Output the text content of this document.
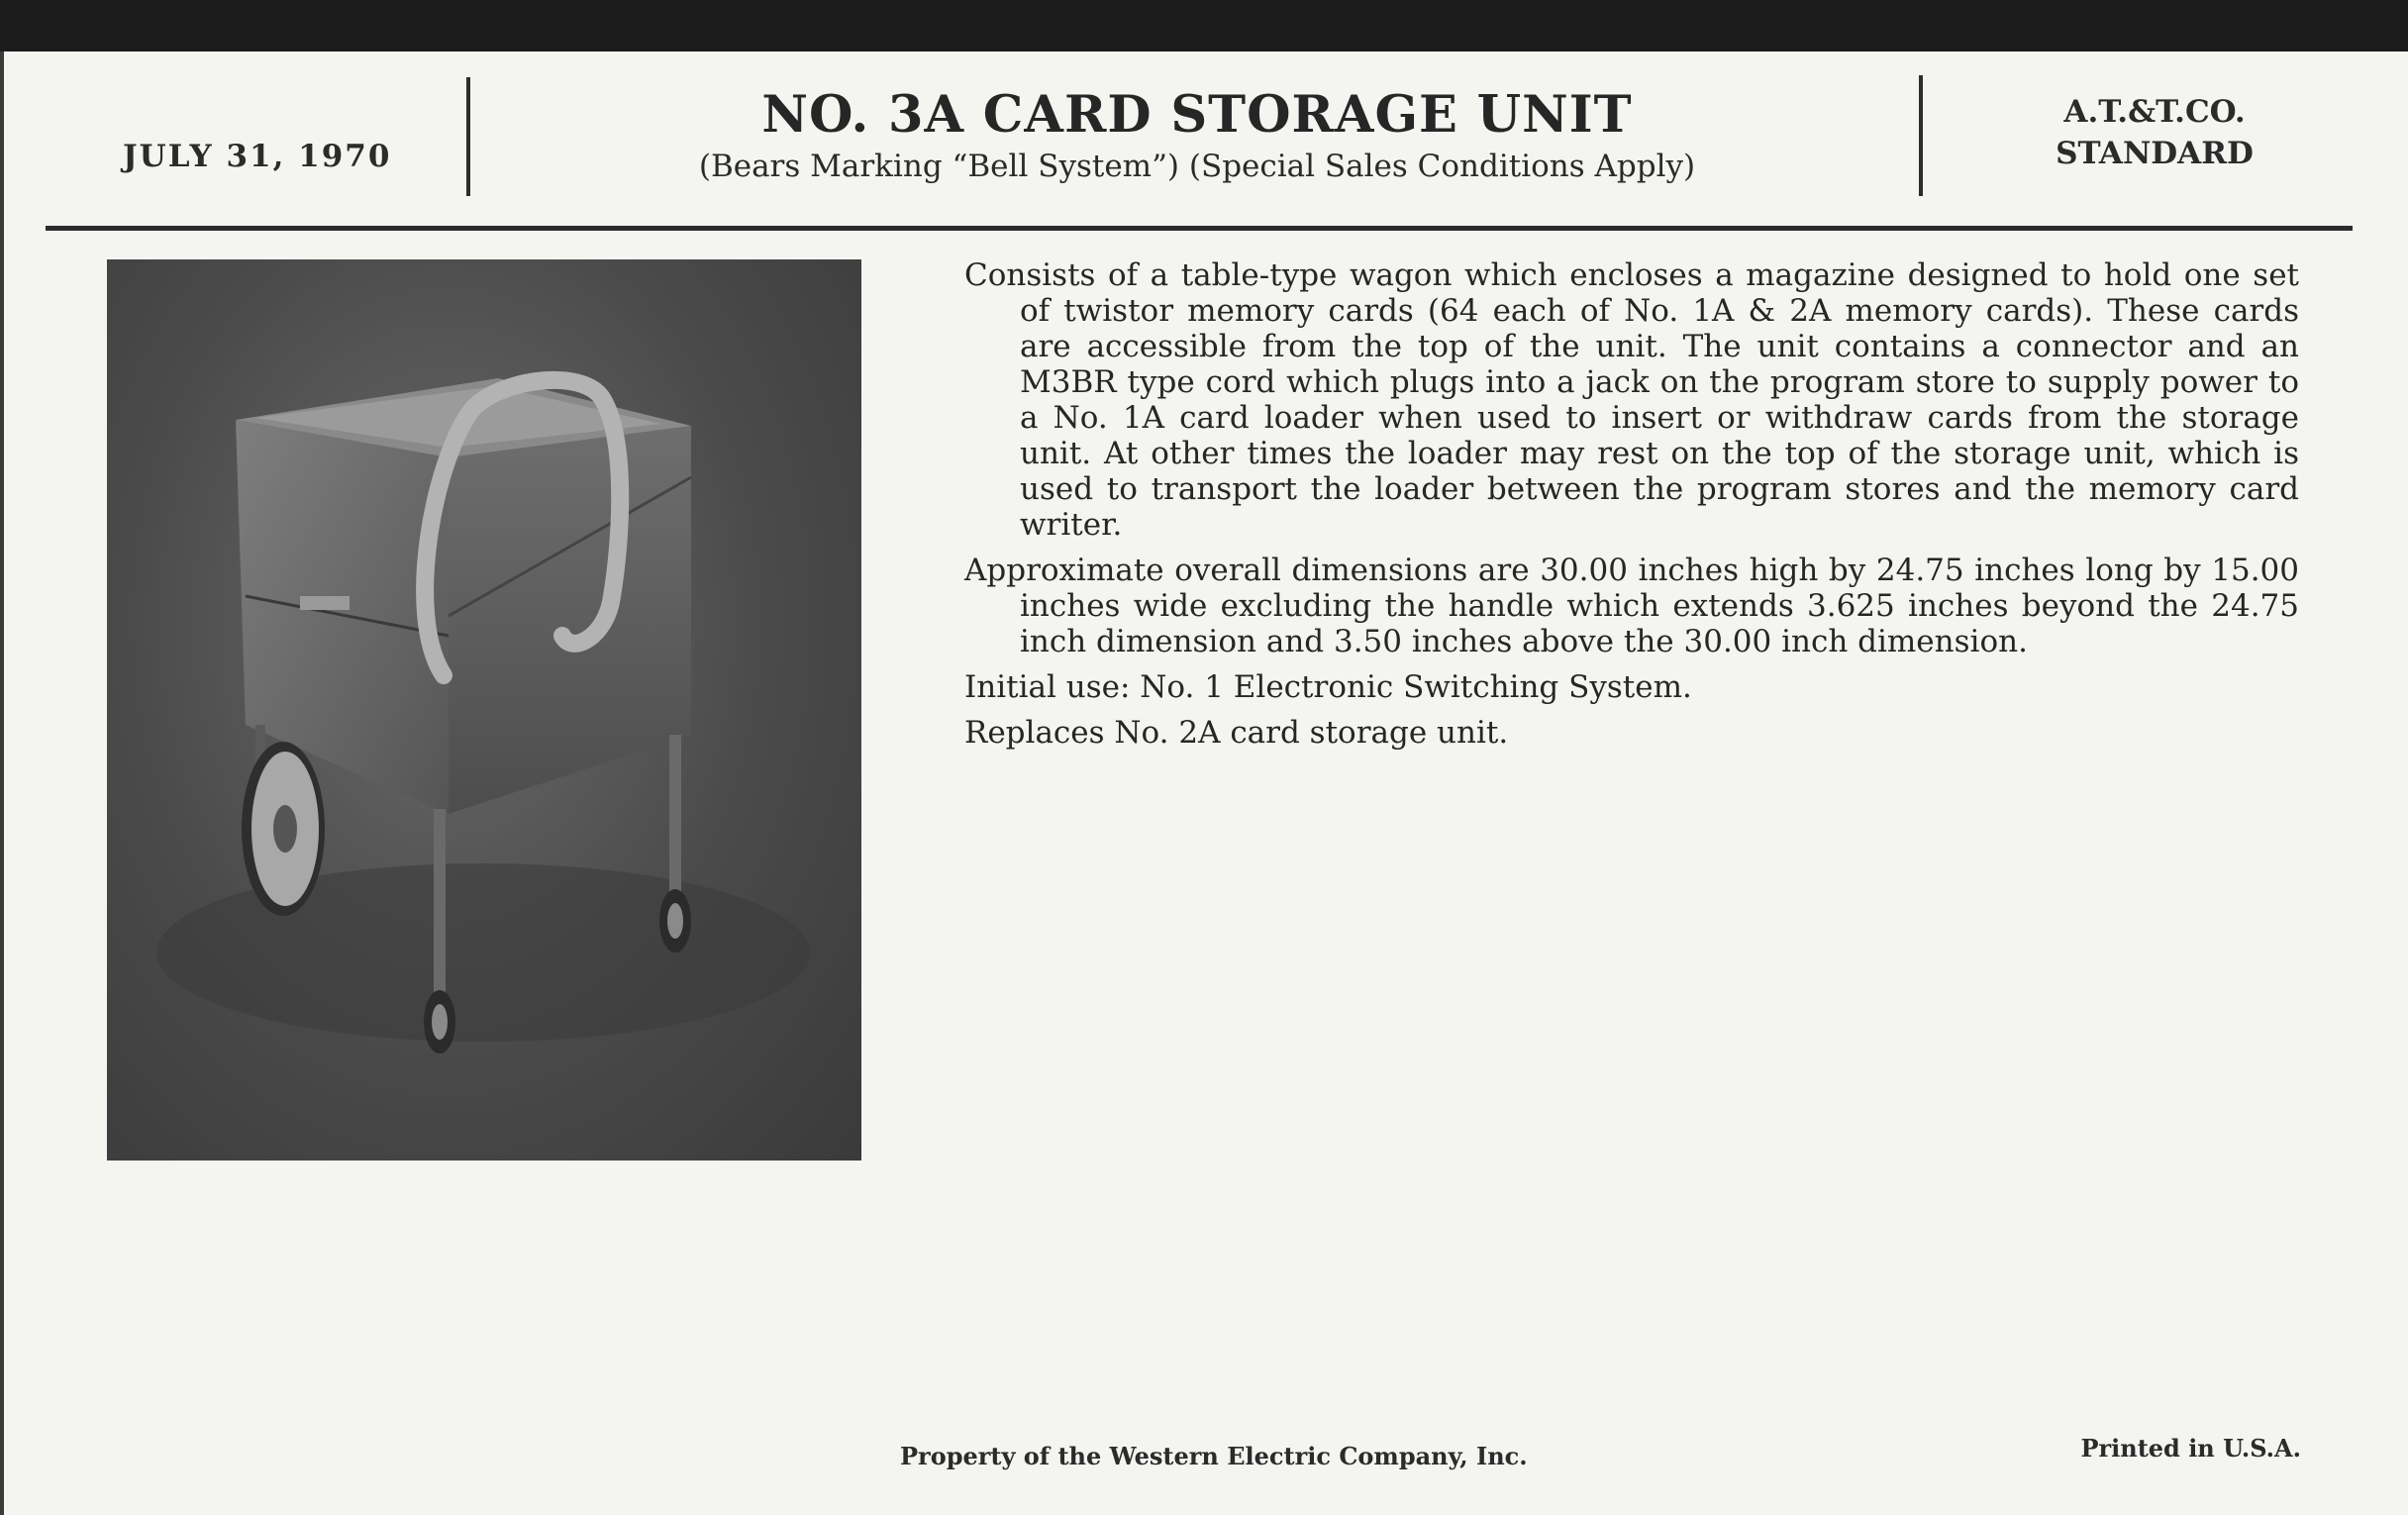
JULY 31, 1970
NO. 3A CARD STORAGE UNIT
(Bears Marking “Bell System”) (Special Sales Conditions Apply)
A.T.&T.CO.
STANDARD

Consists of a table-type wagon which encloses a magazine designed to hold one set of twistor memory cards (64 each of No. 1A & 2A memory cards). These cards are accessible from the top of the unit. The unit contains a connector and an M3BR type cord which plugs into a jack on the program store to supply power to a No. 1A card loader when used to insert or withdraw cards from the storage unit. At other times the loader may rest on the top of the storage unit, which is used to transport the loader between the program stores and the memory card writer.

Approximate overall dimensions are 30.00 inches high by 24.75 inches long by 15.00 inches wide excluding the handle which extends 3.625 inches beyond the 24.75 inch dimension and 3.50 inches above the 30.00 inch dimension.

Initial use: No. 1 Electronic Switching System.

Replaces No. 2A card storage unit.

Property of the Western Electric Company, Inc.	Printed in U.S.A.
